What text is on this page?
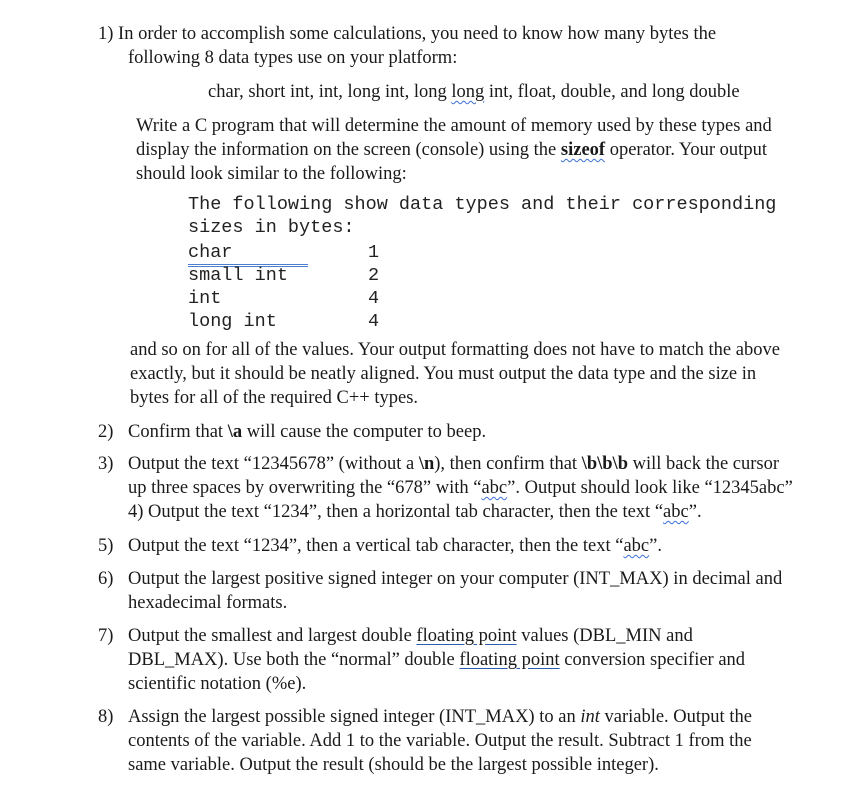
1) In order to accomplish some calculations, you need to know how many bytes the
following 8 data types use on your platform:
char, short int, int, long int, long long int, float, double, and long double
Write a C program that will determine the amount of memory used by these types and
display the information on the screen (console) using the sizeof operator. Your output
should look similar to the following:
The following show data types and their corresponding
sizes in bytes:
char	1
small int	2
int	4
long int	4
and so on for all of the values. Your output formatting does not have to match the above
exactly, but it should be neatly aligned. You must output the data type and the size in
bytes for all of the required C++ types.
2) Confirm that \a will cause the computer to beep.
3) Output the text “12345678” (without a \n), then confirm that \b\b\b will back the cursor
up three spaces by overwriting the “678” with “abc”. Output should look like “12345abc”
4) Output the text “1234”, then a horizontal tab character, then the text “abc”.
5) Output the text “1234”, then a vertical tab character, then the text “abc”.
6) Output the largest positive signed integer on your computer (INT_MAX) in decimal and
hexadecimal formats.
7) Output the smallest and largest double floating point values (DBL_MIN and
DBL_MAX). Use both the “normal” double floating point conversion specifier and
scientific notation (%e).
8) Assign the largest possible signed integer (INT_MAX) to an int variable. Output the
contents of the variable. Add 1 to the variable. Output the result. Subtract 1 from the
same variable. Output the result (should be the largest possible integer).
